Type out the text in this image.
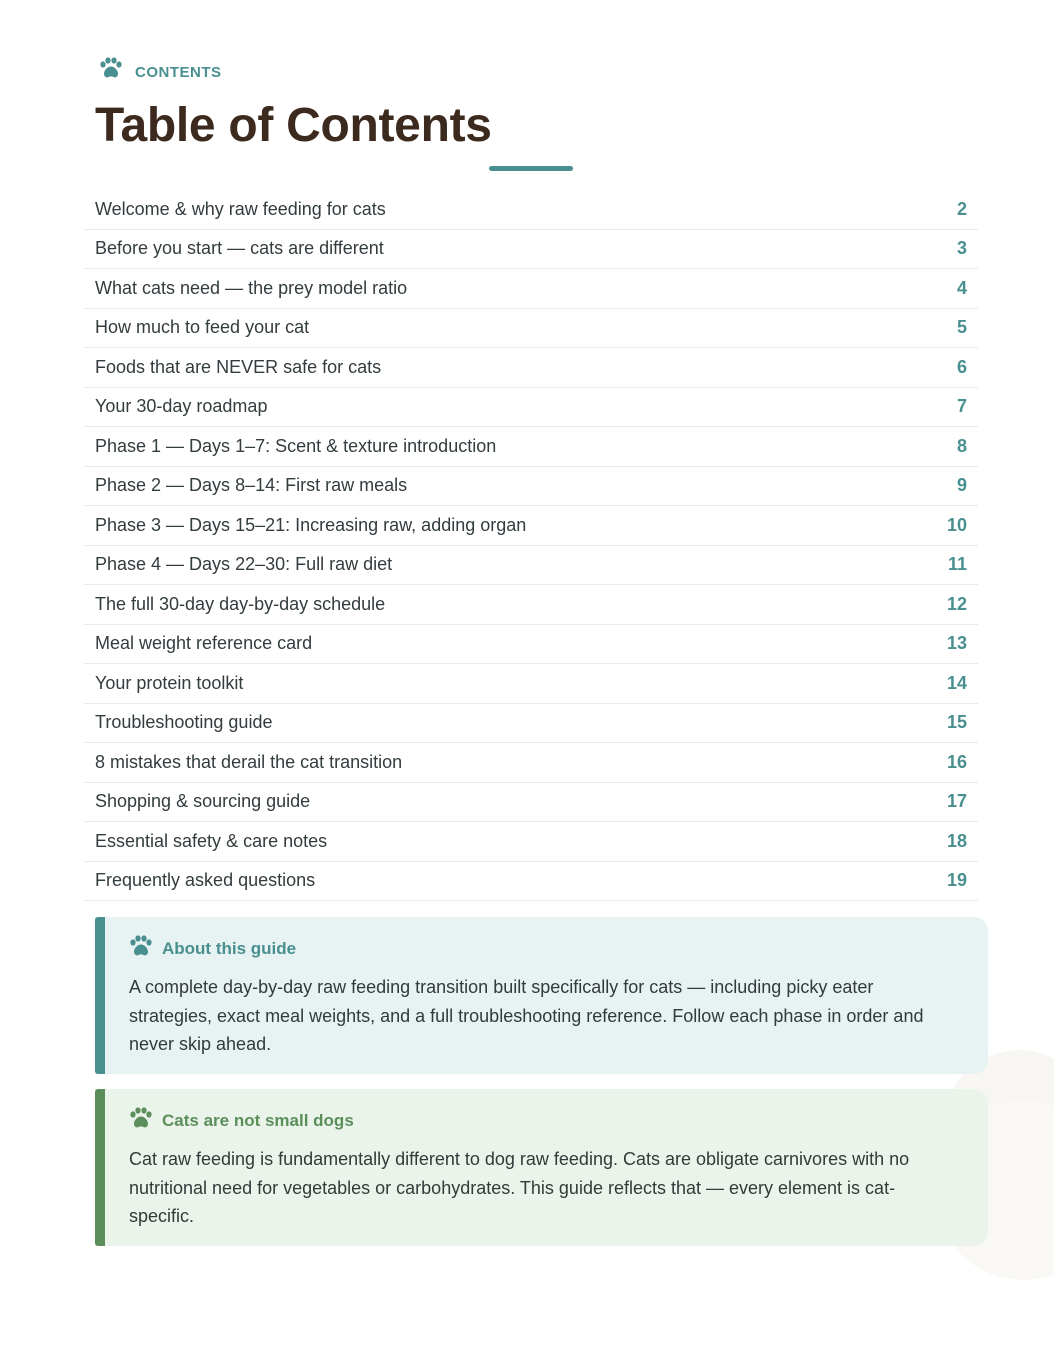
CONTENTS
Table of Contents
Welcome & why raw feeding for cats	2
Before you start — cats are different	3
What cats need — the prey model ratio	4
How much to feed your cat	5
Foods that are NEVER safe for cats	6
Your 30-day roadmap	7
Phase 1 — Days 1–7: Scent & texture introduction	8
Phase 2 — Days 8–14: First raw meals	9
Phase 3 — Days 15–21: Increasing raw, adding organ	10
Phase 4 — Days 22–30: Full raw diet	11
The full 30-day day-by-day schedule	12
Meal weight reference card	13
Your protein toolkit	14
Troubleshooting guide	15
8 mistakes that derail the cat transition	16
Shopping & sourcing guide	17
Essential safety & care notes	18
Frequently asked questions	19
About this guide
A complete day-by-day raw feeding transition built specifically for cats — including picky eater strategies, exact meal weights, and a full troubleshooting reference. Follow each phase in order and never skip ahead.
Cats are not small dogs
Cat raw feeding is fundamentally different to dog raw feeding. Cats are obligate carnivores with no nutritional need for vegetables or carbohydrates. This guide reflects that — every element is cat-specific.
